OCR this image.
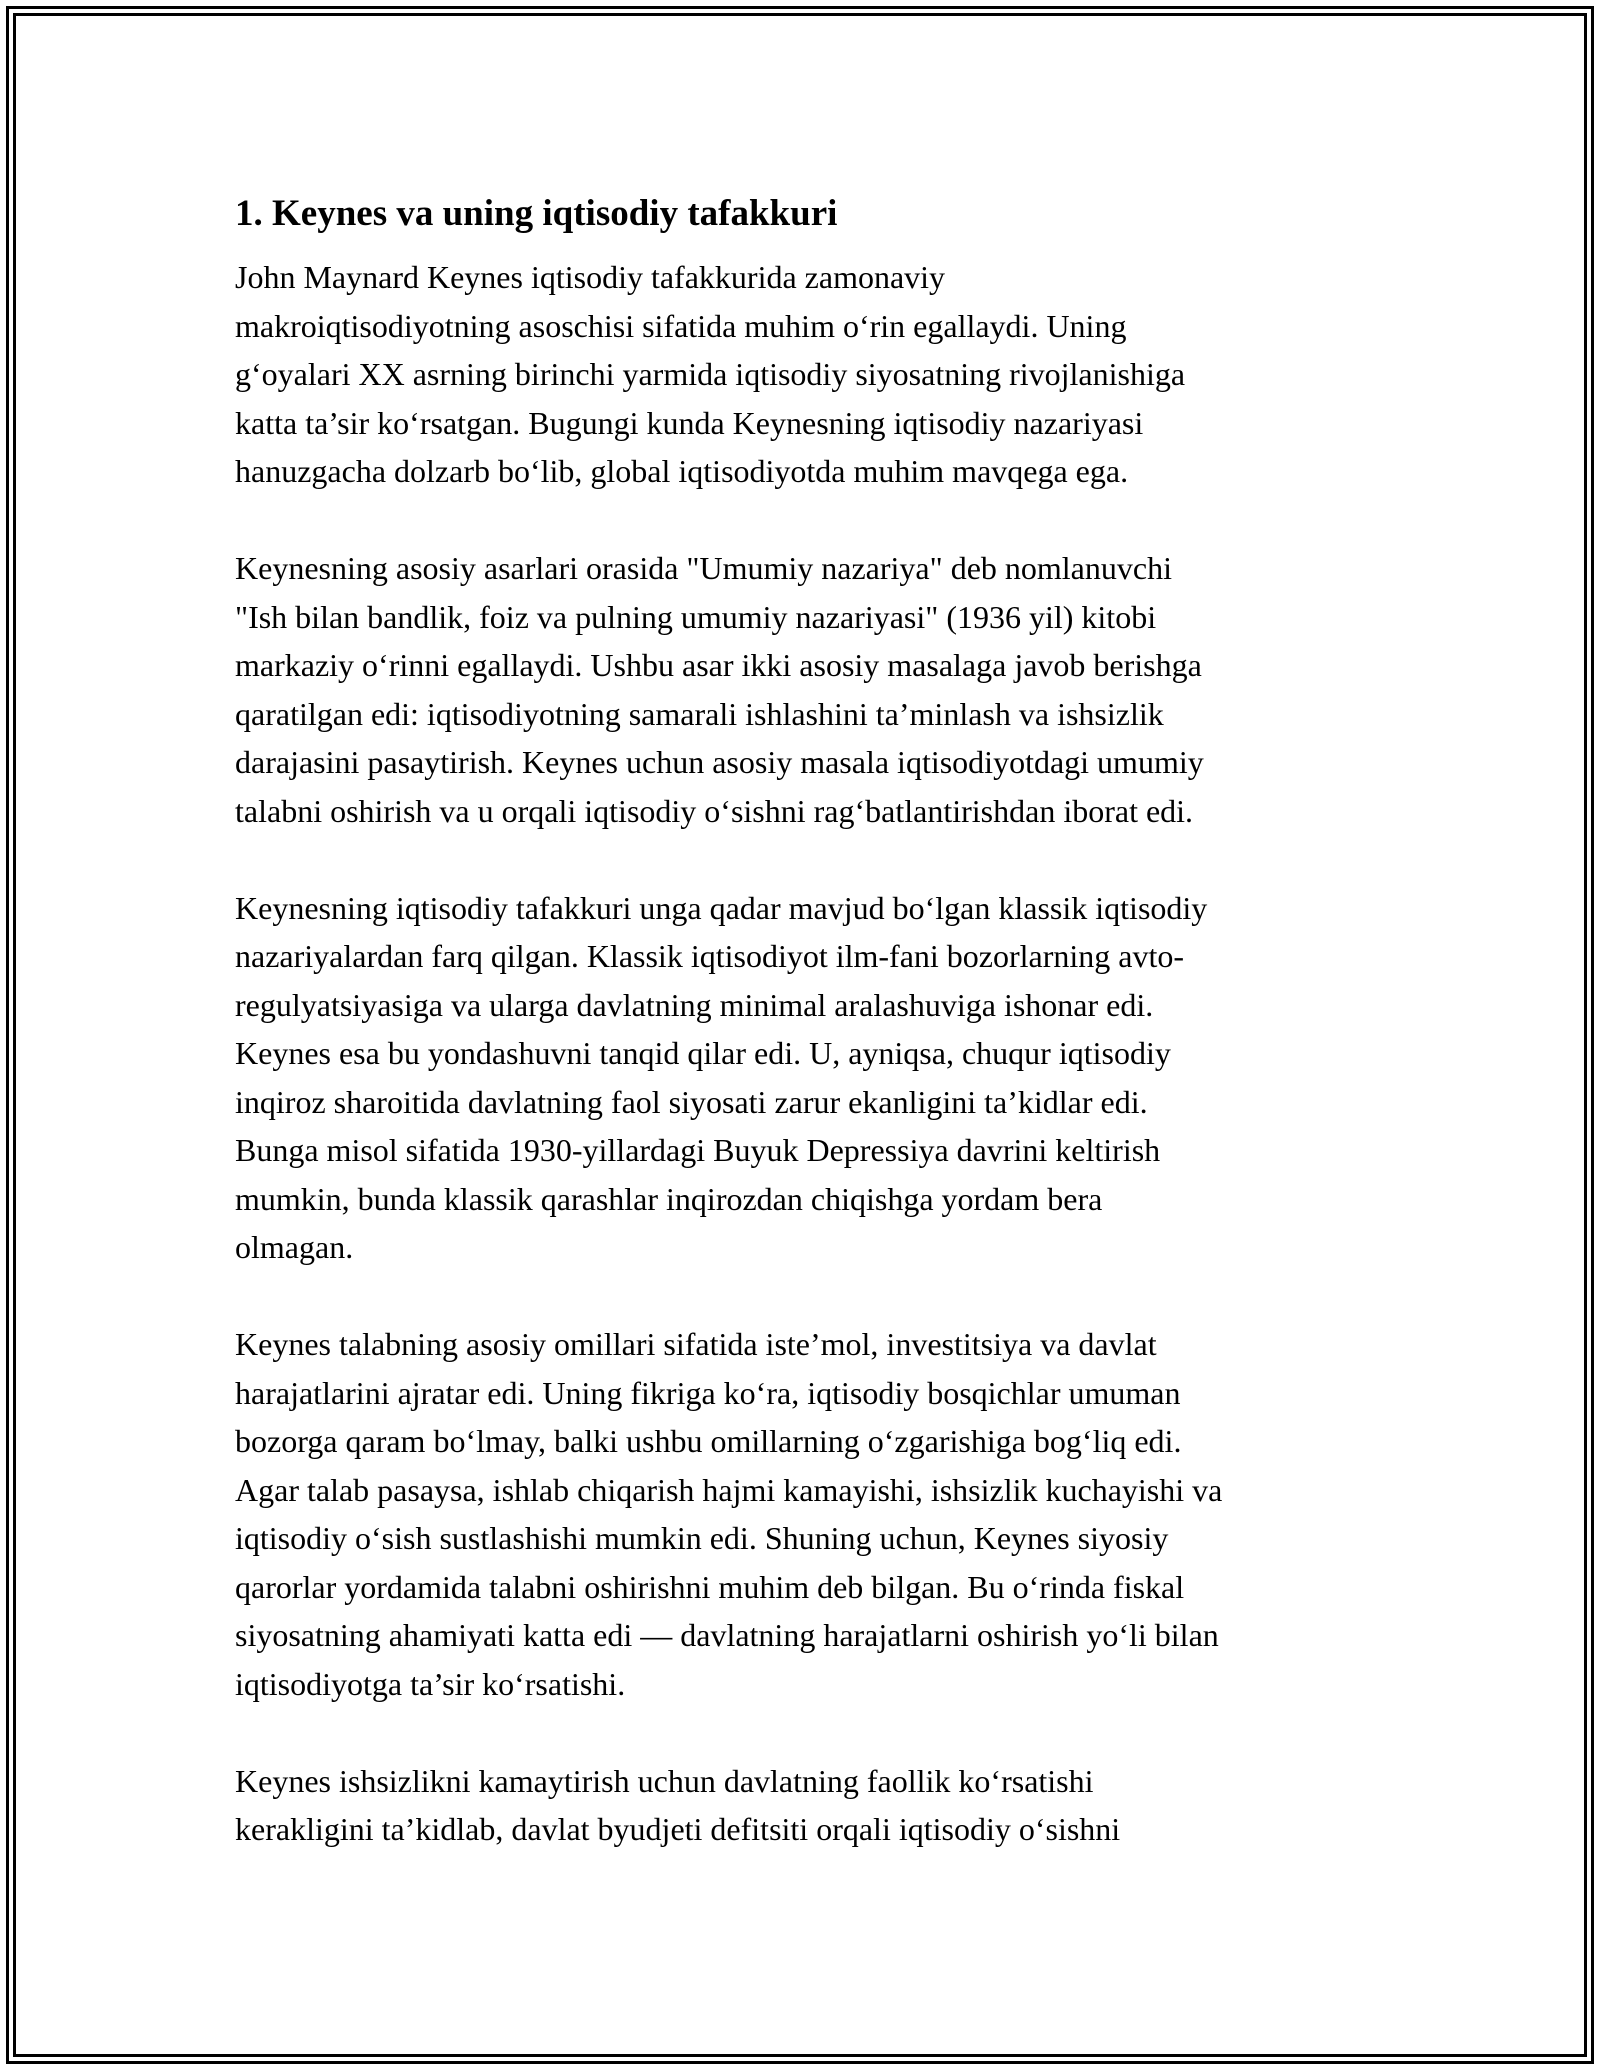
1. Keynes va uning iqtisodiy tafakkuri

John Maynard Keynes iqtisodiy tafakkurida zamonaviy
makroiqtisodiyotning asoschisi sifatida muhim o‘rin egallaydi. Uning
g‘oyalari XX asrning birinchi yarmida iqtisodiy siyosatning rivojlanishiga
katta ta’sir ko‘rsatgan. Bugungi kunda Keynesning iqtisodiy nazariyasi
hanuzgacha dolzarb bo‘lib, global iqtisodiyotda muhim mavqega ega.

Keynesning asosiy asarlari orasida "Umumiy nazariya" deb nomlanuvchi
"Ish bilan bandlik, foiz va pulning umumiy nazariyasi" (1936 yil) kitobi
markaziy o‘rinni egallaydi. Ushbu asar ikki asosiy masalaga javob berishga
qaratilgan edi: iqtisodiyotning samarali ishlashini ta’minlash va ishsizlik
darajasini pasaytirish. Keynes uchun asosiy masala iqtisodiyotdagi umumiy
talabni oshirish va u orqali iqtisodiy o‘sishni rag‘batlantirishdan iborat edi.

Keynesning iqtisodiy tafakkuri unga qadar mavjud bo‘lgan klassik iqtisodiy
nazariyalardan farq qilgan. Klassik iqtisodiyot ilm-fani bozorlarning avto-
regulyatsiyasiga va ularga davlatning minimal aralashuviga ishonar edi.
Keynes esa bu yondashuvni tanqid qilar edi. U, ayniqsa, chuqur iqtisodiy
inqiroz sharoitida davlatning faol siyosati zarur ekanligini ta’kidlar edi.
Bunga misol sifatida 1930-yillardagi Buyuk Depressiya davrini keltirish
mumkin, bunda klassik qarashlar inqirozdan chiqishga yordam bera
olmagan.

Keynes talabning asosiy omillari sifatida iste’mol, investitsiya va davlat
harajatlarini ajratar edi. Uning fikriga ko‘ra, iqtisodiy bosqichlar umuman
bozorga qaram bo‘lmay, balki ushbu omillarning o‘zgarishiga bog‘liq edi.
Agar talab pasaysa, ishlab chiqarish hajmi kamayishi, ishsizlik kuchayishi va
iqtisodiy o‘sish sustlashishi mumkin edi. Shuning uchun, Keynes siyosiy
qarorlar yordamida talabni oshirishni muhim deb bilgan. Bu o‘rinda fiskal
siyosatning ahamiyati katta edi — davlatning harajatlarni oshirish yo‘li bilan
iqtisodiyotga ta’sir ko‘rsatishi.

Keynes ishsizlikni kamaytirish uchun davlatning faollik ko‘rsatishi
kerakligini ta’kidlab, davlat byudjeti defitsiti orqali iqtisodiy o‘sishni
